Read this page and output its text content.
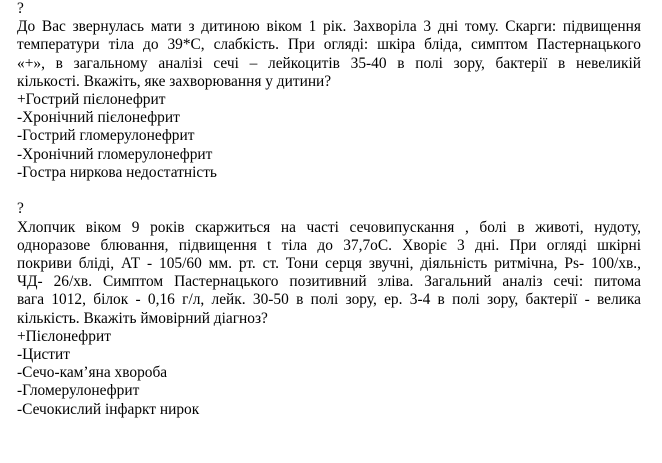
?
До Вас звернулась мати з дитиною віком 1 рік. Захворіла 3 дні тому. Скарги: підвищення
температури тіла до 39*С, слабкість. При огляді: шкіра бліда, симптом Пастернацького
«+», в загальному аналізі сечі – лейкоцитів 35-40 в полі зору, бактерії в невеликій
кількості. Вкажіть, яке захворювання у дитини?
+Гострий пієлонефрит
-Хронічний пієлонефрит
-Гострий гломерулонефрит
-Хронічний гломерулонефрит
-Гостра ниркова недостатність
?
Хлопчик віком 9 років скаржиться на часті сечовипускання , болі в животі, нудоту,
одноразове блювання, підвищення t тіла до 37,7оС. Хворіє 3 дні. При огляді шкірні
покриви бліді, АТ - 105/60 мм. рт. ст. Тони серця звучні, діяльність ритмічна, Ps- 100/хв.,
ЧД- 26/хв. Симптом Пастернацького позитивний зліва. Загальний аналіз сечі: питома
вага 1012, білок - 0,16 г/л, лейк. 30-50 в полі зору, ер. 3-4 в полі зору, бактерії - велика
кількість. Вкажіть ймовірний діагноз?
+Пієлонефрит
-Цистит
-Сечо-кам’яна хвороба
-Гломерулонефрит
-Сечокислий інфаркт нирок
